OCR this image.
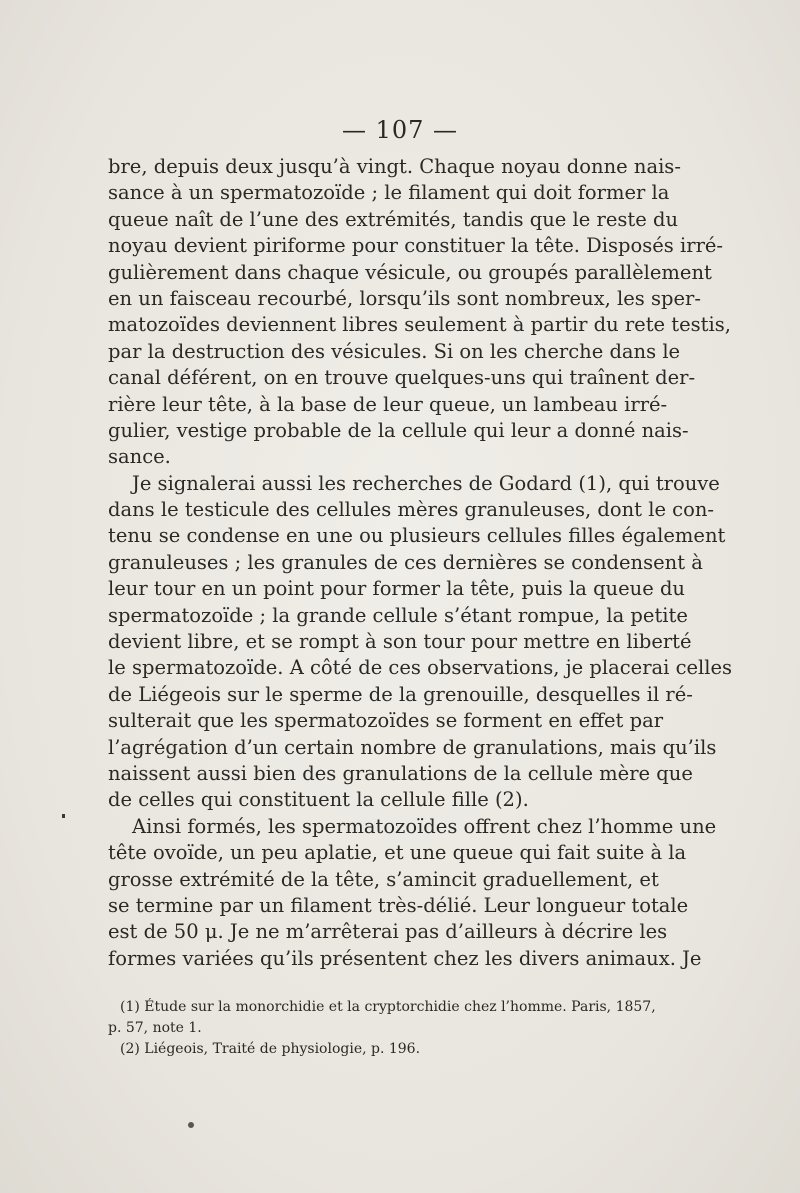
— 107 —
bre, depuis deux jusqu’à vingt. Chaque noyau donne nais-
sance à un spermatozoïde ; le filament qui doit former la
queue naît de l’une des extrémités, tandis que le reste du
noyau devient piriforme pour constituer la tête. Disposés irré-
gulièrement dans chaque vésicule, ou groupés parallèlement
en un faisceau recourbé, lorsqu’ils sont nombreux, les sper-
matozoïdes deviennent libres seulement à partir du rete testis,
par la destruction des vésicules. Si on les cherche dans le
canal déférent, on en trouve quelques-uns qui traînent der-
rière leur tête, à la base de leur queue, un lambeau irré-
gulier, vestige probable de la cellule qui leur a donné nais-
sance.
Je signalerai aussi les recherches de Godard (1), qui trouve
dans le testicule des cellules mères granuleuses, dont le con-
tenu se condense en une ou plusieurs cellules filles également
granuleuses ; les granules de ces dernières se condensent à
leur tour en un point pour former la tête, puis la queue du
spermatozoïde ; la grande cellule s’étant rompue, la petite
devient libre, et se rompt à son tour pour mettre en liberté
le spermatozoïde. A côté de ces observations, je placerai celles
de Liégeois sur le sperme de la grenouille, desquelles il ré-
sulterait que les spermatozoïdes se forment en effet par
l’agrégation d’un certain nombre de granulations, mais qu’ils
naissent aussi bien des granulations de la cellule mère que
de celles qui constituent la cellule fille (2).
Ainsi formés, les spermatozoïdes offrent chez l’homme une
tête ovoïde, un peu aplatie, et une queue qui fait suite à la
grosse extrémité de la tête, s’amincit graduellement, et
se termine par un filament très-délié. Leur longueur totale
est de 50 μ. Je ne m’arrêterai pas d’ailleurs à décrire les
formes variées qu’ils présentent chez les divers animaux. Je
(1) Étude sur la monorchidie et la cryptorchidie chez l’homme. Paris, 1857,
p. 57, note 1.
(2) Liégeois, Traité de physiologie, p. 196.
